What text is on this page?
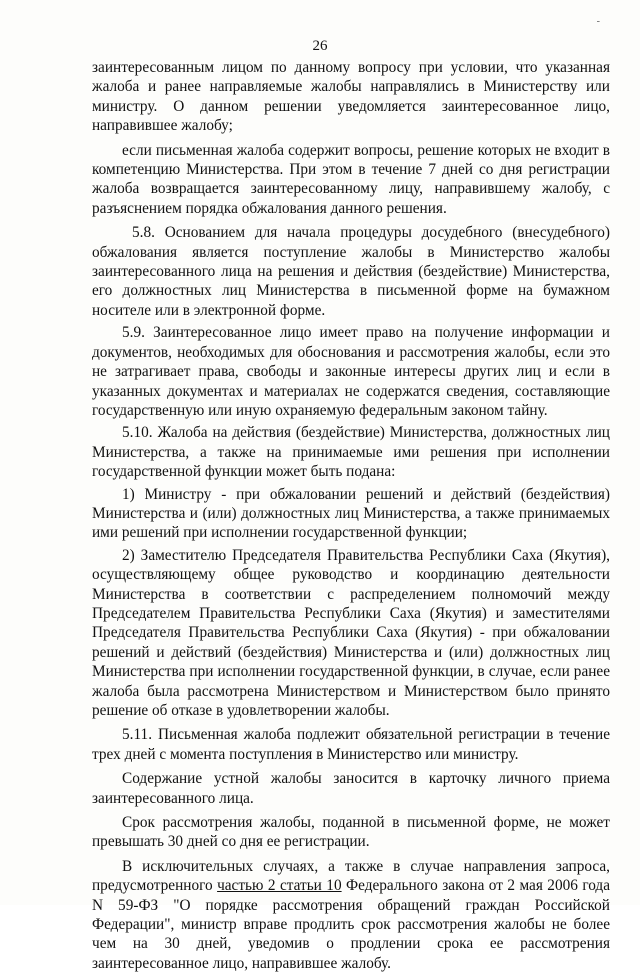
-
26

заинтересованным лицом по данному вопросу при условии, что указанная жалоба и ранее направляемые жалобы направлялись в Министерству или министру. О данном решении уведомляется заинтересованное лицо, направившее жалобу;

если письменная жалоба содержит вопросы, решение которых не входит в компетенцию Министерства. При этом в течение 7 дней со дня регистрации жалоба возвращается заинтересованному лицу, направившему жалобу, с разъяснением порядка обжалования данного решения.

5.8. Основанием для начала процедуры досудебного (внесудебного) обжалования является поступление жалобы в Министерство жалобы заинтересованного лица на решения и действия (бездействие) Министерства, его должностных лиц Министерства в письменной форме на бумажном носителе или в электронной форме.

5.9. Заинтересованное лицо имеет право на получение информации и документов, необходимых для обоснования и рассмотрения жалобы, если это не затрагивает права, свободы и законные интересы других лиц и если в указанных документах и материалах не содержатся сведения, составляющие государственную или иную охраняемую федеральным законом тайну.

5.10. Жалоба на действия (бездействие) Министерства, должностных лиц Министерства, а также на принимаемые ими решения при исполнении государственной функции может быть подана:

1) Министру - при обжаловании решений и действий (бездействия) Министерства и (или) должностных лиц Министерства, а также принимаемых ими решений при исполнении государственной функции;

2) Заместителю Председателя Правительства Республики Саха (Якутия), осуществляющему общее руководство и координацию деятельности Министерства в соответствии с распределением полномочий между Председателем Правительства Республики Саха (Якутия) и заместителями Председателя Правительства Республики Саха (Якутия) - при обжаловании решений и действий (бездействия) Министерства и (или) должностных лиц Министерства при исполнении государственной функции, в случае, если ранее жалоба была рассмотрена Министерством и Министерством было принято решение об отказе в удовлетворении жалобы.

5.11. Письменная жалоба подлежит обязательной регистрации в течение трех дней с момента поступления в Министерство или министру.

Содержание устной жалобы заносится в карточку личного приема заинтересованного лица.

Срок рассмотрения жалобы, поданной в письменной форме, не может превышать 30 дней со дня ее регистрации.

В исключительных случаях, а также в случае направления запроса, предусмотренного частью 2 статьи 10 Федерального закона от 2 мая 2006 года N 59-ФЗ "О порядке рассмотрения обращений граждан Российской Федерации", министр вправе продлить срок рассмотрения жалобы не более чем на 30 дней, уведомив о продлении срока ее рассмотрения заинтересованное лицо, направившее жалобу.
